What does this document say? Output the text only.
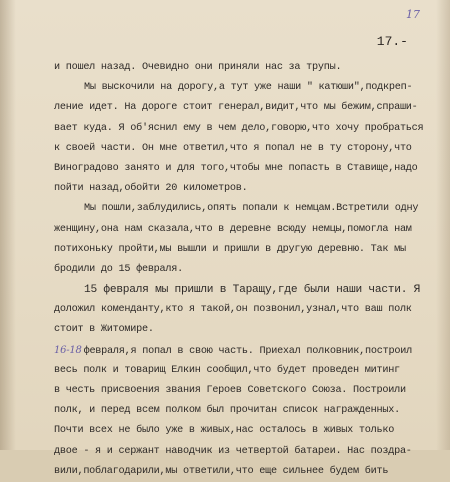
17
17.-
и пошел назад. Очевидно они приняли нас за трупы.
Мы выскочили на дорогу,а тут уже наши " катюши",подкреп-
ление идет. На дороге стоит генерал,видит,что мы бежим,спраши-
вает куда. Я об'яснил ему в чем дело,говорю,что хочу пробраться
к своей части. Он мне ответил,что я попал не в ту сторону,что
Виноградово занято и для того,чтобы мне попасть в Ставище,надо
пойти назад,обойти 20 километров.
Мы пошли,заблудились,опять попали к немцам.Встретили одну
женщину,она нам сказала,что в деревне всюду немцы,помогла нам
потихоньку пройти,мы вышли и пришли в другую деревню. Так мы
бродили до 15 февраля.
15 февраля мы пришли в Таращу,где были наши части. Я
доложил коменданту,кто я такой,он позвонил,узнал,что ваш полк
стоит в Житомире.
16-18 февраля,я попал в свою часть. Приехал полковник,построил
весь полк и товарищ Елкин сообщил,что будет проведен митинг
в честь присвоения звания Героев Советского Союза. Построили
полк, и перед всем полком был прочитан список награжденных.
Почти всех не было уже в живых,нас осталось в живых только
двое - я и сержант наводчик из четвертой батареи. Нас поздра-
вили,поблагодарили,мы ответили,что еще сильнее будем бить
